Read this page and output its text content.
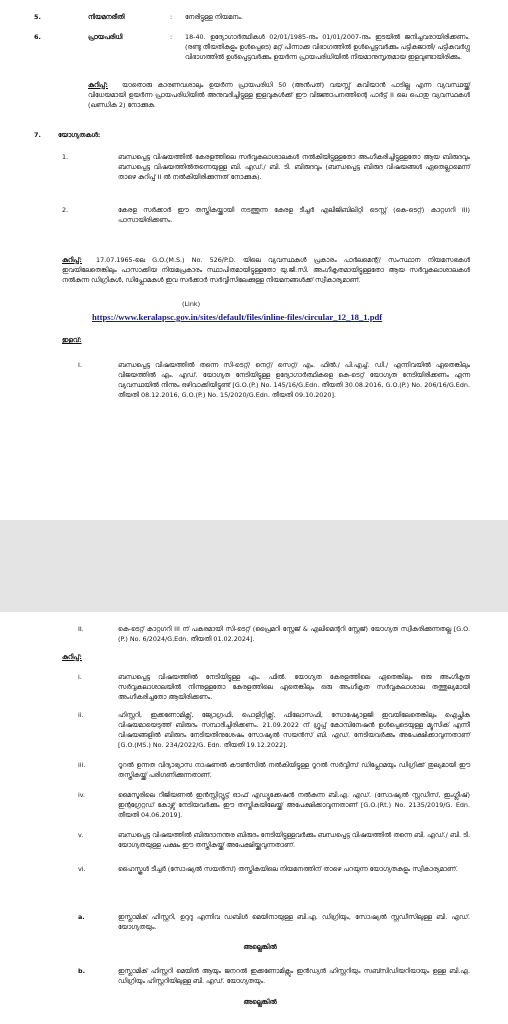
5.	നിയമനരീതി	: നേരിട്ടുള്ള നിയമനം.
6.	പ്രായപരിധി	: 18-40. ഉദ്യോഗാർത്ഥികൾ 02/01/1985-നും 01/01/2007-നും ഇടയിൽ ജനിച്ചവരായിരിക്കണം. (രണ്ടു തീയതികളും ഉൾപ്പെടെ) മറ്റ് പിന്നാക്ക വിഭാഗത്തിൽ ഉൾപ്പെട്ടവർക്കും പട്ടികജാതി/ പട്ടികവർഗ്ഗ വിഭാഗത്തിൽ ഉൾപ്പെട്ടവർക്കും ഉയർന്ന പ്രായപരിധിയിൽ നിയമാനുസൃതമായ ഇളവുണ്ടായിരിക്കും.
യാതൊരു കാരണവശാലും ഉയർന്ന പ്രായപരിധി 50 (അൻപത്) വയസ്സ് കവിയാൻ പാടില്ല എന്ന വ്യവസ്ഥയ്ക്ക് വിധേയമായി ഉയർന്ന പ്രായപരിധിയിൽ അനുവദിച്ചിട്ടുള്ള ഇളവുകൾക്ക് ഈ വിജ്ഞാപനത്തിന്റെ പാർട്ട് II ലെ പൊതു വ്യവസ്ഥകൾ (ഖണ്ഡിക 2) നോക്കുക.
കുറിപ്പ്:
7.	യോഗ്യതകൾ:
1.	ബന്ധപ്പെട്ട വിഷയത്തിൽ കേരളത്തിലെ സർവ്വകലാശാലകൾ നൽകിയിട്ടുള്ളതോ അംഗീകരിച്ചിട്ടുള്ളതോ ആയ ബിരുദവും ബന്ധപ്പെട്ട വിഷയത്തിൽതന്നെയുള്ള ബി. എഡ്./ ബി. ടി. ബിരുദവും (ബന്ധപ്പെട്ട ബിരുദ വിഷയങ്ങൾ ഏതെല്ലാമെന്ന് താഴെ കുറിപ്പ് II ൽ നൽകിയിരിക്കുന്നത് നോക്കുക).
2.	കേരള സർക്കാർ ഈ തസ്തികയ്ക്കായി നടത്തുന്ന കേരള ടീച്ചർ എലിജിബിലിറ്റി ടെസ്റ്റ് (കെ-ടെറ്റ്) കാറ്റഗറി III) പാസായിരിക്കണം.
17.07.1965-ലെ G.O.(M.S.) No. 526/P.D. യിലെ വ്യവസ്ഥകൾ പ്രകാരം പാർലമെന്റ്/ സംസ്ഥാന നിയമസഭകൾ ഇവയിലേതെങ്കിലും പാസാക്കിയ നിയമപ്രകാരം സ്ഥാപിതമായിട്ടുള്ളതോ യു.ജി.സി. അംഗീകൃതമായിട്ടുള്ളതോ ആയ സർവ്വകലാശാലകൾ നൽകുന്ന ഡിഗ്രികൾ, ഡിപ്ലോമകൾ ഇവ സർക്കാർ സർവ്വീസിലേക്കുള്ള നിയമനങ്ങൾക്ക് സ്വീകാര്യമാണ്.
കുറിപ്പ്:
(Link)
https://www.keralapsc.gov.in/sites/default/files/inline-files/circular_12_18_1.pdf
ഇളവ്:
I.	ബന്ധപ്പെട്ട വിഷയത്തിൽ തന്നെ സി-ടെറ്റ്/ നെറ്റ്/ സെറ്റ്/ എം. ഫിൽ./ പി.എച്ച്. ഡി./ എന്നിവയിൽ ഏതെങ്കിലും വിജയത്തിൽ എം. എഡ്. യോഗ്യത നേടിയിട്ടുള്ള ഉദ്യോഗാർത്ഥികളെ കെ-ടെറ്റ് യോഗ്യത നേടിയിരിക്കണം എന്ന വ്യവസ്ഥയിൽ നിന്നും ഒഴിവാക്കിയിട്ടുണ്ട് [G.O.(P.) No. 145/16/G.Edn. തീയതി 30.08.2016, G.O.(P.) No. 206/16/G.Edn. തീയതി 08.12.2016, G.O.(P.) No. 15/2020/G.Edn. തീയതി 09.10.2020].
II.	കെ-ടെറ്റ് കാറ്റഗറി III ന് പകരമായി സി-ടെറ്റ് (പ്രൈമറി സ്റ്റേജ് & എലിമെന്ററി സ്റ്റേജ്) യോഗ്യത സ്വീകരിക്കുന്നതല്ല [G.O.(P.) No. 6/2024/G.Edn. തീയതി 01.02.2024].
കുറിപ്പ്:
i.	ബന്ധപ്പെട്ട വിഷയത്തിൽ നേടിയിട്ടുള്ള എം. ഫിൽ. യോഗ്യത കേരളത്തിലെ ഏതെങ്കിലും ഒരു അംഗീകൃത സർവ്വകലാശാലയിൽ നിന്നുള്ളതോ കേരളത്തിലെ ഏതെങ്കിലും ഒരു അംഗീകൃത സർവ്വകലാശാല തത്തുല്യമായി അംഗീകരിച്ചതോ ആയിരിക്കണം.
ii.	ഹിസ്റ്ററി, ഇക്കണോമിക്സ്, ജ്യോഗ്രഫി, പൊളിറ്റിക്സ്, ഫിലോസഫി, സോഷ്യോളജി ഇവയിലേതെങ്കിലും ഐച്ഛിക വിഷയമായെടുത്ത് ബിരുദം സമ്പാദിച്ചിരിക്കണം. 21.09.2022 ന് ഗ്രൂപ്പ് കോമ്പിനേഷൻ ഉൾപ്പെടെയുള്ള മ്യൂസിക് എന്നീ വിഷയങ്ങളിൽ ബിരുദം നേടിയതിനുശേഷം സോഷ്യൽ സയൻസ് ബി. എഡ്. നേടിയവർക്കും അപേക്ഷിക്കാവുന്നതാണ് [G.O.(MS.) No. 234/2022/G. Edn. തീയതി 19.12.2022].
iii.	റൂറൽ ഉന്നത വിദ്യാഭ്യാസ നാഷണൽ കൗൺസിൽ നൽകിയിട്ടുള്ള റൂറൽ സർവ്വീസ് ഡിപ്ലോമയും ഡിഗ്രിക്ക് തുല്യമായി ഈ തസ്തികയ്ക്ക് പരിഗണിക്കുന്നതാണ്.
iv.	മൈസൂരിലെ റീജിയണൽ ഇൻസ്റ്റിറ്റ്യൂട്ട് ഓഫ് എഡ്യൂക്കേഷൻ നൽകുന്ന ബി.എ. എഡ്. (സോഷ്യൽ സ്റ്റഡീസ്, ഇംഗ്ലീഷ്) ഇന്റഗ്രേറ്റഡ് കോഴ്സ് നേടിയവർക്കും ഈ തസ്തികയിലേയ്ക്ക് അപേക്ഷിക്കാവുന്നതാണ് [G.O.(Rt.) No. 2135/2019/G. Edn. തീയതി 04.06.2019].
v.	ബന്ധപ്പെട്ട വിഷയത്തിൽ ബിരുദാനന്തര ബിരുദം നേടിയിട്ടുള്ളവർക്കും ബന്ധപ്പെട്ട വിഷയത്തിൽ തന്നെ ബി. എഡ്./ ബി. ടി. യോഗ്യതയുള്ള പക്ഷം ഈ തസ്തികയ്ക്ക് അപേക്ഷിയ്ക്കുവുന്നതാണ്.
vi.	ഹൈസ്കൂൾ ടീച്ചർ (സോഷ്യൽ സയൻസ്) തസ്തികയിലെ നിയമനത്തിന് താഴെ പറയുന്ന യോഗ്യതകളും സ്വീകാര്യമാണ്.
a.	ഇസ്ലാമിക് ഹിസ്റ്ററി, ഉറുദു എന്നിവ ഡബിൾ മെയിനായുള്ള ബി.എ. ഡിഗ്രിയും, സോഷ്യൽ സ്റ്റഡീസിലുള്ള ബി. എഡ്. യോഗ്യതയും.
അല്ലെങ്കിൽ
b.	ഇസ്ലാമിക് ഹിസ്റ്ററി മെയിൻ ആയും ജനറൽ ഇക്കണോമിക്സും ഇൻഡ്യൻ ഹിസ്റ്ററിയും സബ്സിഡിയറിയായും ഉള്ള ബി.എ. ഡിഗ്രിയും ഹിസ്റ്ററിയിലുള്ള ബി. എഡ്. യോഗ്യതയും.
അല്ലെങ്കിൽ
